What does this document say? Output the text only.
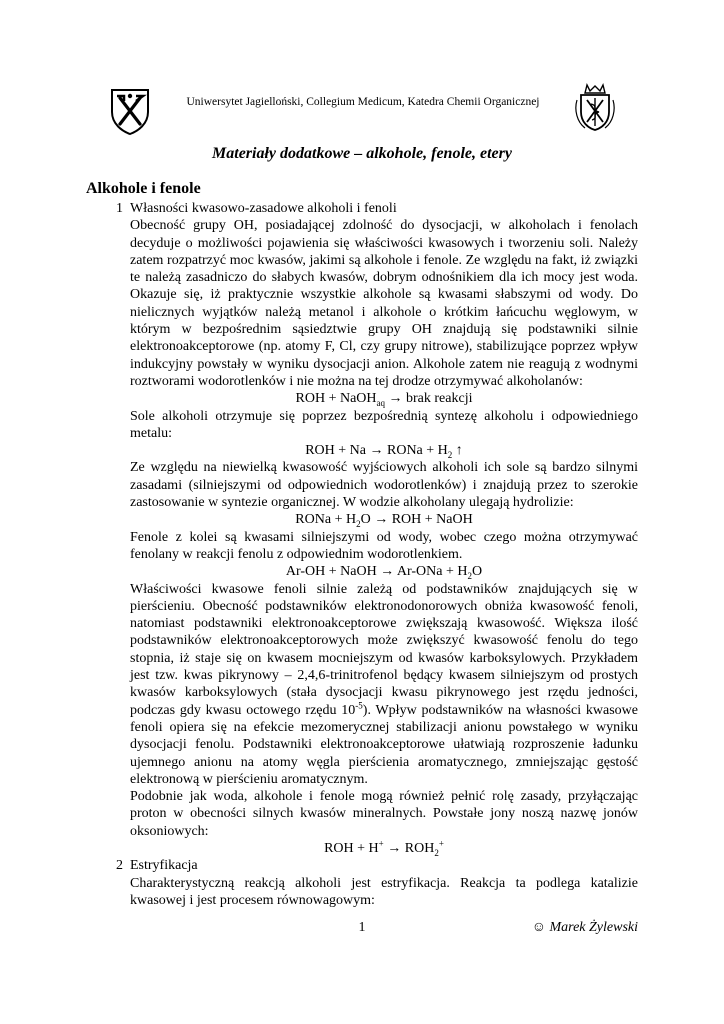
Uniwersytet Jagielloński, Collegium Medicum, Katedra Chemii Organicznej
Materiały dodatkowe – alkohole, fenole, etery
Alkohole i fenole
1 Własności kwasowo-zasadowe alkoholi i fenoli

Obecność grupy OH, posiadającej zdolność do dysocjacji, w alkoholach i fenolach decyduje o możliwości pojawienia się właściwości kwasowych i tworzeniu soli. Należy zatem rozpatrzyć moc kwasów, jakimi są alkohole i fenole. Ze względu na fakt, iż związki te należą zasadniczo do słabych kwasów, dobrym odnośnikiem dla ich mocy jest woda. Okazuje się, iż praktycznie wszystkie alkohole są kwasami słabszymi od wody. Do nielicznych wyjątków należą metanol i alkohole o krótkim łańcuchu węglowym, w którym w bezpośrednim sąsiedztwie grupy OH znajdują się podstawniki silnie elektronoakceptorowe (np. atomy F, Cl, czy grupy nitrowe), stabilizujące poprzez wpływ indukcyjny powstały w wyniku dysocjacji anion. Alkohole zatem nie reagują z wodnymi roztworami wodorotlenków i nie można na tej drodze otrzymywać alkoholanów:

ROH + NaOH$_{aq}$ → brak reakcji

Sole alkoholi otrzymuje się poprzez bezpośrednią syntezę alkoholu i odpowiedniego metalu:

ROH + Na → RONa + $H_2$ ↑

Ze względu na niewielką kwasowość wyjściowych alkoholi ich sole są bardzo silnymi zasadami (silniejszymi od odpowiednich wodorotlenków) i znajdują przez to szerokie zastosowanie w syntezie organicznej. W wodzie alkoholany ulegają hydrolizie:

RONa + $H_2O$ → ROH + NaOH

Fenole z kolei są kwasami silniejszymi od wody, wobec czego można otrzymywać fenolany w reakcji fenolu z odpowiednim wodorotlenkiem.

Ar-OH + NaOH → $Ar-ONa + H_2O$

Właściwości kwasowe fenoli silnie zależą od podstawników znajdujących się w pierścieniu. Obecność podstawników elektronodonorowych obniża kwasowość fenoli, natomiast podstawniki elektronoakceptorowe zwiększają kwasowość. Większa ilość podstawników elektronoakceptorowych może zwiększyć kwasowość fenolu do tego stopnia, iż staje się on kwasem mocniejszym od kwasów karboksylowych. Przykładem jest tzw. kwas pikrynowy – 2,4,6-trinitrofenol będący kwasem silniejszym od prostych kwasów karboksylowych (stała dysocjacji kwasu pikrynowego jest rzędu jedności, podczas gdy kwasu octowego rzędu $10^{-5}$). Wpływ podstawników na własności kwasowe fenoli opiera się na efekcie mezomerycznej stabilizacji anionu powstałego w wyniku dysocjacji fenolu. Podstawniki elektronoakceptorowe ułatwiają rozproszenie ładunku ujemnego anionu na atomy węgla pierścienia aromatycznego, zmniejszając gęstość elektronową w pierścieniu aromatycznym.

Podobnie jak woda, alkohole i fenole mogą również pełnić rolę zasady, przyłączając proton w obecności silnych kwasów mineralnych. Powstałe jony noszą nazwę jonów oksoniowych:

ROH + $H^+ \to ROH_2^+$

2 Estryfikacja

Charakterystyczną reakcją alkoholi jest estryfikacja. Reakcja ta podlega katalizie kwasowej i jest procesem równowagowym:

1	☺ Marek Żylewski
